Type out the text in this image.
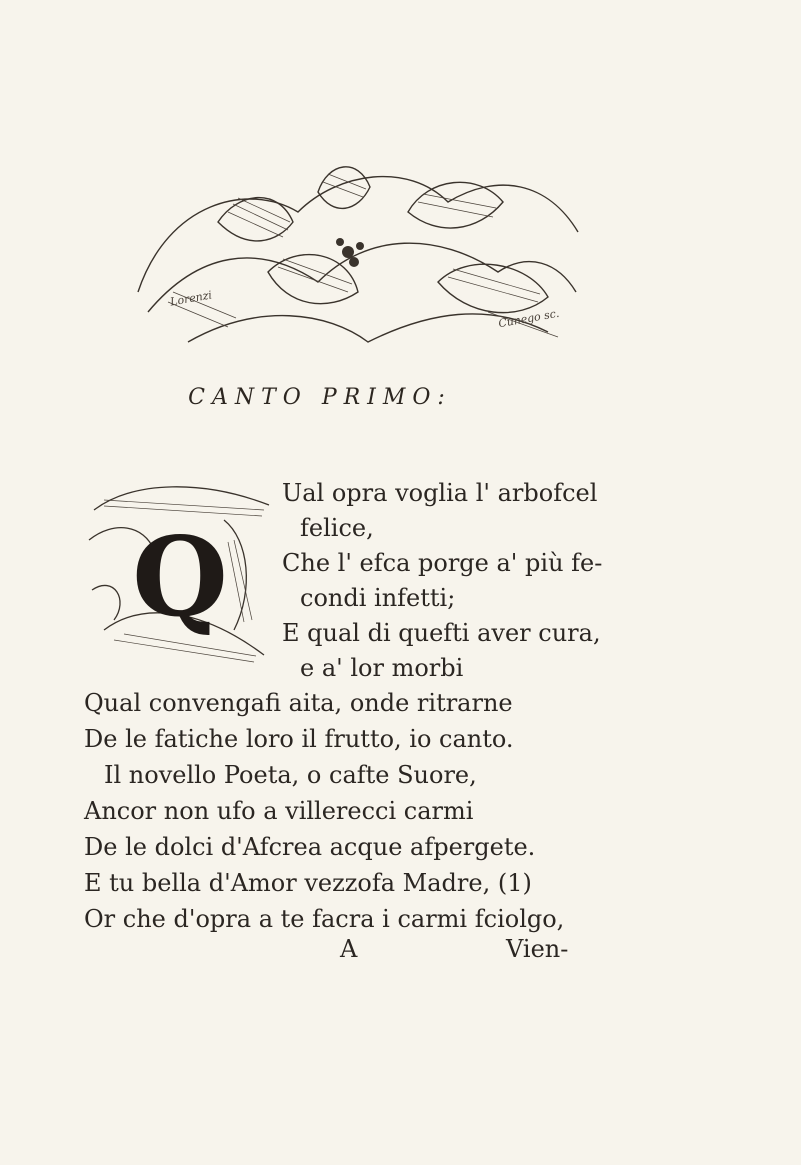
Lorenzi
Cunego sc.
CANTO PRIMO:
Q
Ual opra voglia l' arbofcel
felice,
Che l' efca porge a' più fe-
condi infetti;
E qual di quefti aver cura,
e a' lor morbi
Qual convengafi aita, onde ritrarne
De le fatiche loro il frutto, io canto.
Il novello Poeta, o cafte Suore,
Ancor non ufo a villerecci carmi
De le dolci d'Afcrea acque afpergete.
E tu bella d'Amor vezzofa Madre, (1)
Or che d'opra a te facra i carmi fciolgo,
A	Vien-
